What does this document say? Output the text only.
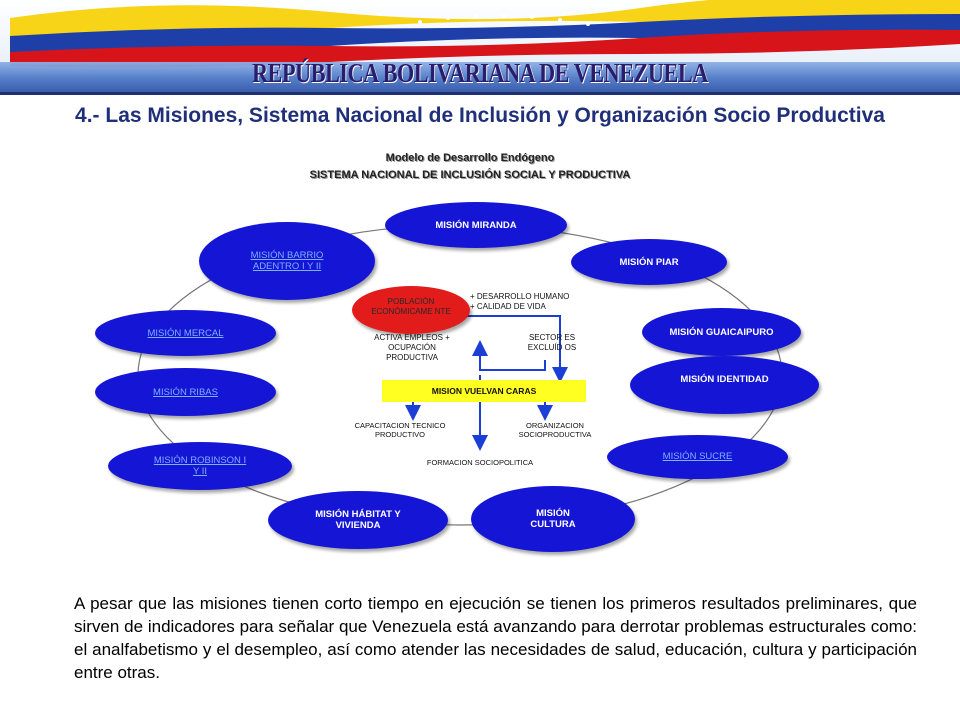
REPÚBLICA BOLIVARIANA DE VENEZUELA
4.- Las Misiones, Sistema Nacional de Inclusión y Organización Socio Productiva
Modelo de Desarrollo Endógeno
SISTEMA NACIONAL DE INCLUSIÓN SOCIAL Y PRODUCTIVA
MISIÓN MIRANDA
MISIÓN PIAR
MISIÓN GUAICAIPURO
MISIÓN IDENTIDAD
MISIÓN SUCRE
MISIÓN CULTURA
MISIÓN HÁBITAT Y VIVIENDA
MISIÓN ROBINSON I Y II
MISIÓN RIBAS
MISIÓN MERCAL
MISIÓN BARRIO ADENTRO I Y II
POBLACIÓN ECONÓMICAME NTE
ACTIVA EMPLEOS + OCUPACIÓN PRODUCTIVA
+ DESARROLLO HUMANO
+ CALIDAD DE VIDA
SECTOR ES EXCLUÍD OS
MISION VUELVAN CARAS
CAPACITACION TECNICO PRODUCTIVO
ORGANIZACION SOCIOPRODUCTIVA
FORMACION SOCIOPOLITICA
A pesar que las misiones tienen corto tiempo en ejecución se tienen los primeros resultados preliminares, que sirven de indicadores para señalar que Venezuela está avanzando para derrotar problemas estructurales como: el analfabetismo y el desempleo, así como atender las necesidades de salud, educación, cultura y participación entre otras.
